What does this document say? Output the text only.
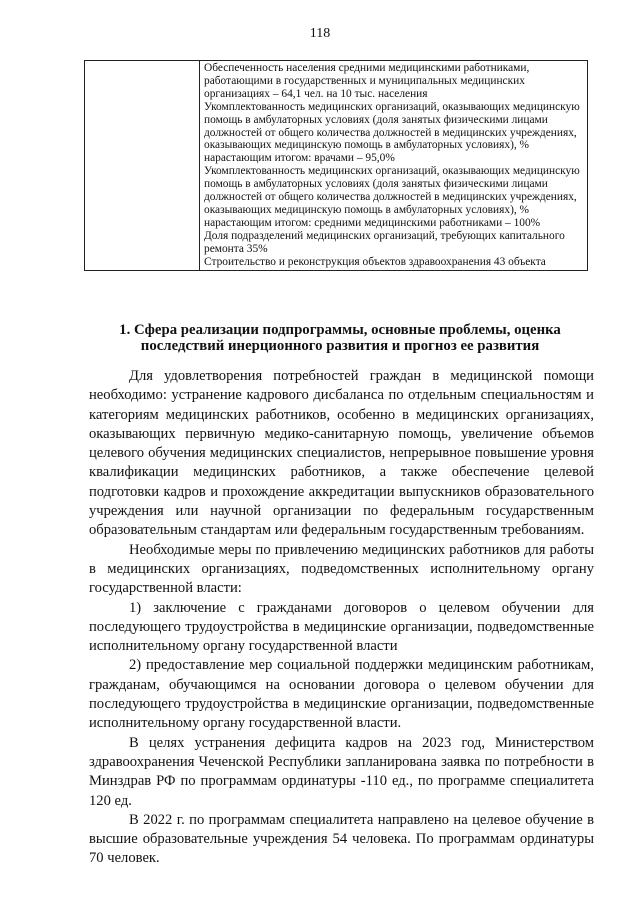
118

Обеспеченность населения средними медицинскими работниками, работающими в государственных и муниципальных медицинских организациях – 64,1 чел. на 10 тыс. населения
Укомплектованность медицинских организаций, оказывающих медицинскую помощь в амбулаторных условиях (доля занятых физическими лицами должностей от общего количества должностей в медицинских учреждениях, оказывающих медицинскую помощь в амбулаторных условиях), % нарастающим итогом: врачами – 95,0%
Укомплектованность медицинских организаций, оказывающих медицинскую помощь в амбулаторных условиях (доля занятых физическими лицами должностей от общего количества должностей в медицинских учреждениях, оказывающих медицинскую помощь в амбулаторных условиях), % нарастающим итогом: средними медицинскими работниками – 100%
Доля подразделений медицинских организаций, требующих капитального ремонта 35%
Строительство и реконструкция объектов здравоохранения 43 объекта
1. Сфера реализации подпрограммы, основные проблемы, оценка последствий инерционного развития и прогноз ее развития

Для удовлетворения потребностей граждан в медицинской помощи необходимо: устранение кадрового дисбаланса по отдельным специальностям и категориям медицинских работников, особенно в медицинских организациях, оказывающих первичную медико-санитарную помощь, увеличение объемов целевого обучения медицинских специалистов, непрерывное повышение уровня квалификации медицинских работников, а также обеспечение целевой подготовки кадров и прохождение аккредитации выпускников образовательного учреждения или научной организации по федеральным государственным образовательным стандартам или федеральным государственным требованиям.

Необходимые меры по привлечению медицинских работников для работы в медицинских организациях, подведомственных исполнительному органу государственной власти:

1) заключение с гражданами договоров о целевом обучении для последующего трудоустройства в медицинские организации, подведомственные исполнительному органу государственной власти

2) предоставление мер социальной поддержки медицинским работникам, гражданам, обучающимся на основании договора о целевом обучении для последующего трудоустройства в медицинские организации, подведомственные исполнительному органу государственной власти.

В целях устранения дефицита кадров на 2023 год, Министерством здравоохранения Чеченской Республики запланирована заявка по потребности в Минздрав РФ по программам ординатуры -110 ед., по программе специалитета 120 ед.

В 2022 г. по программам специалитета направлено на целевое обучение в высшие образовательные учреждения 54 человека. По программам ординатуры 70 человек.
